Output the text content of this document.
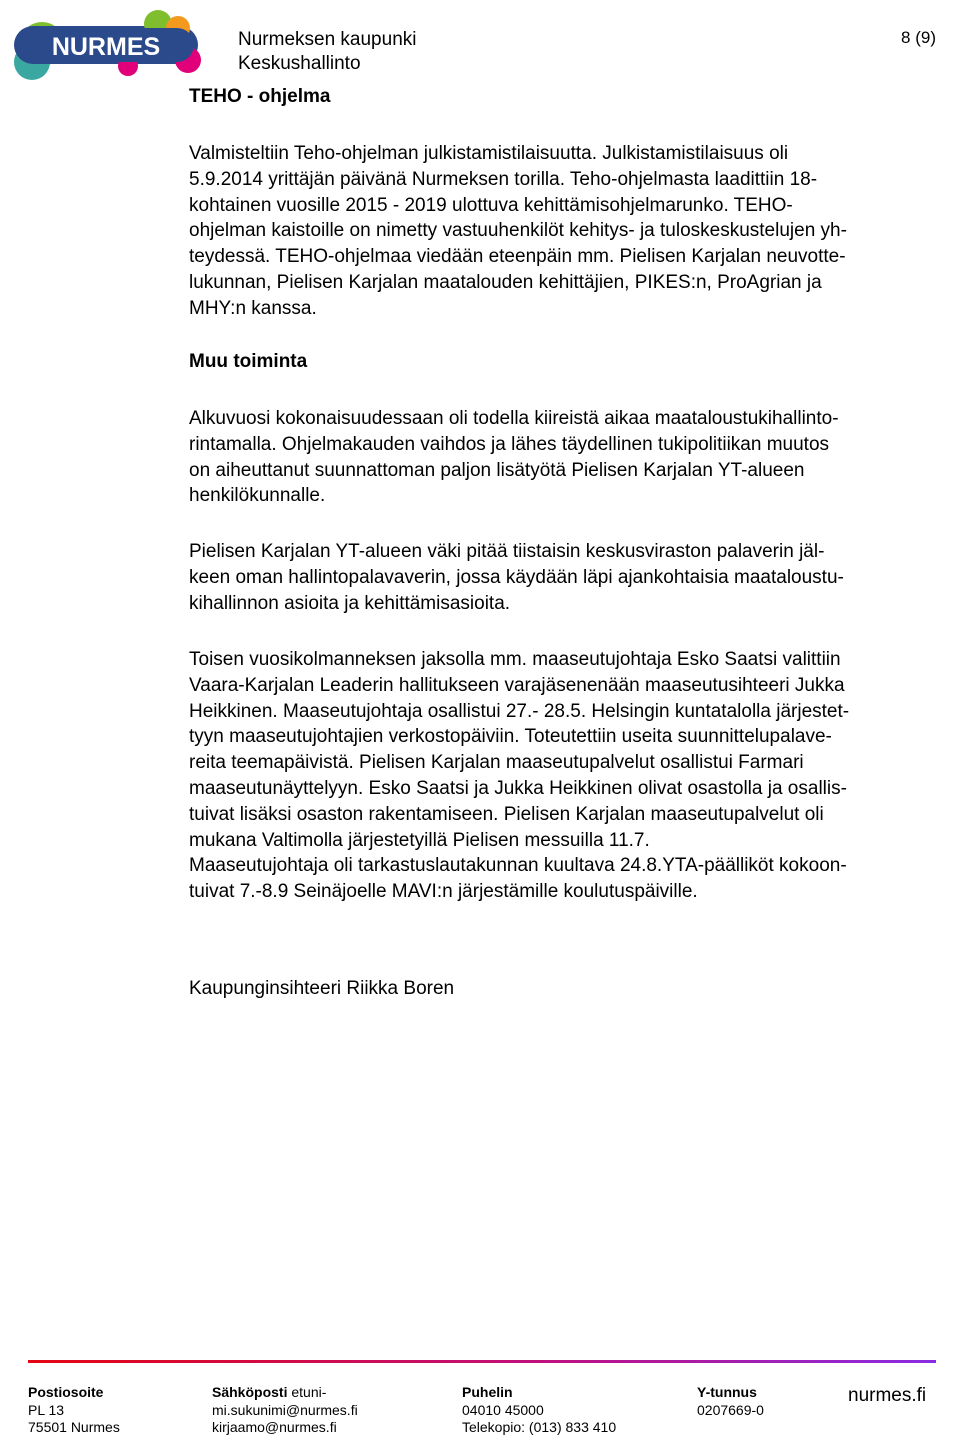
NURMES	Nurmeksen kaupunki
Keskushallinto
8 (9)
TEHO - ohjelma
Valmisteltiin Teho-ohjelman julkistamistilaisuutta. Julkistamistilaisuus oli
5.9.2014 yrittäjän päivänä Nurmeksen torilla. Teho-ohjelmasta laadittiin 18-
kohtainen vuosille 2015 - 2019 ulottuva kehittämisohjelmarunko. TEHO-
ohjelman kaistoille on nimetty vastuuhenkilöt kehitys- ja tuloskeskustelujen yh-
teydessä. TEHO-ohjelmaa viedään eteenpäin mm. Pielisen Karjalan neuvotte-
lukunnan, Pielisen Karjalan maatalouden kehittäjien, PIKES:n, ProAgrian ja
MHY:n kanssa.
Muu toiminta
Alkuvuosi kokonaisuudessaan oli todella kiireistä aikaa maataloustukihallinto-
rintamalla. Ohjelmakauden vaihdos ja lähes täydellinen tukipolitiikan muutos
on aiheuttanut suunnattoman paljon lisätyötä Pielisen Karjalan YT-alueen
henkilökunnalle.
Pielisen Karjalan YT-alueen väki pitää tiistaisin keskusviraston palaverin jäl-
keen oman hallintopalavaverin, jossa käydään läpi ajankohtaisia maataloustu-
kihallinnon asioita ja kehittämisasioita.
Toisen vuosikolmanneksen jaksolla mm. maaseutujohtaja Esko Saatsi valittiin
Vaara-Karjalan Leaderin hallitukseen varajäsenenään maaseutusihteeri Jukka
Heikkinen. Maaseutujohtaja osallistui 27.- 28.5. Helsingin kuntatalolla järjestet-
tyyn maaseutujohtajien verkostopäiviin. Toteutettiin useita suunnittelupalave-
reita teemapäivistä. Pielisen Karjalan maaseutupalvelut osallistui Farmari
maaseutunäyttelyyn. Esko Saatsi ja Jukka Heikkinen olivat osastolla ja osallis-
tuivat lisäksi osaston rakentamiseen. Pielisen Karjalan maaseutupalvelut oli
mukana Valtimolla järjestetyillä Pielisen messuilla 11.7.
Maaseutujohtaja oli tarkastuslautakunnan kuultava 24.8.YTA-päälliköt kokoon-
tuivat 7.-8.9 Seinäjoelle MAVI:n järjestämille koulutuspäiville.
Kaupunginsihteeri Riikka Boren
Postiosoite
PL 13
75501 Nurmes
Sähköposti etuni-
mi.sukunimi@nurmes.fi
kirjaamo@nurmes.fi
Puhelin
04010 45000
Telekopio: (013) 833 410
Y-tunnus
0207669-0
nurmes.fi
